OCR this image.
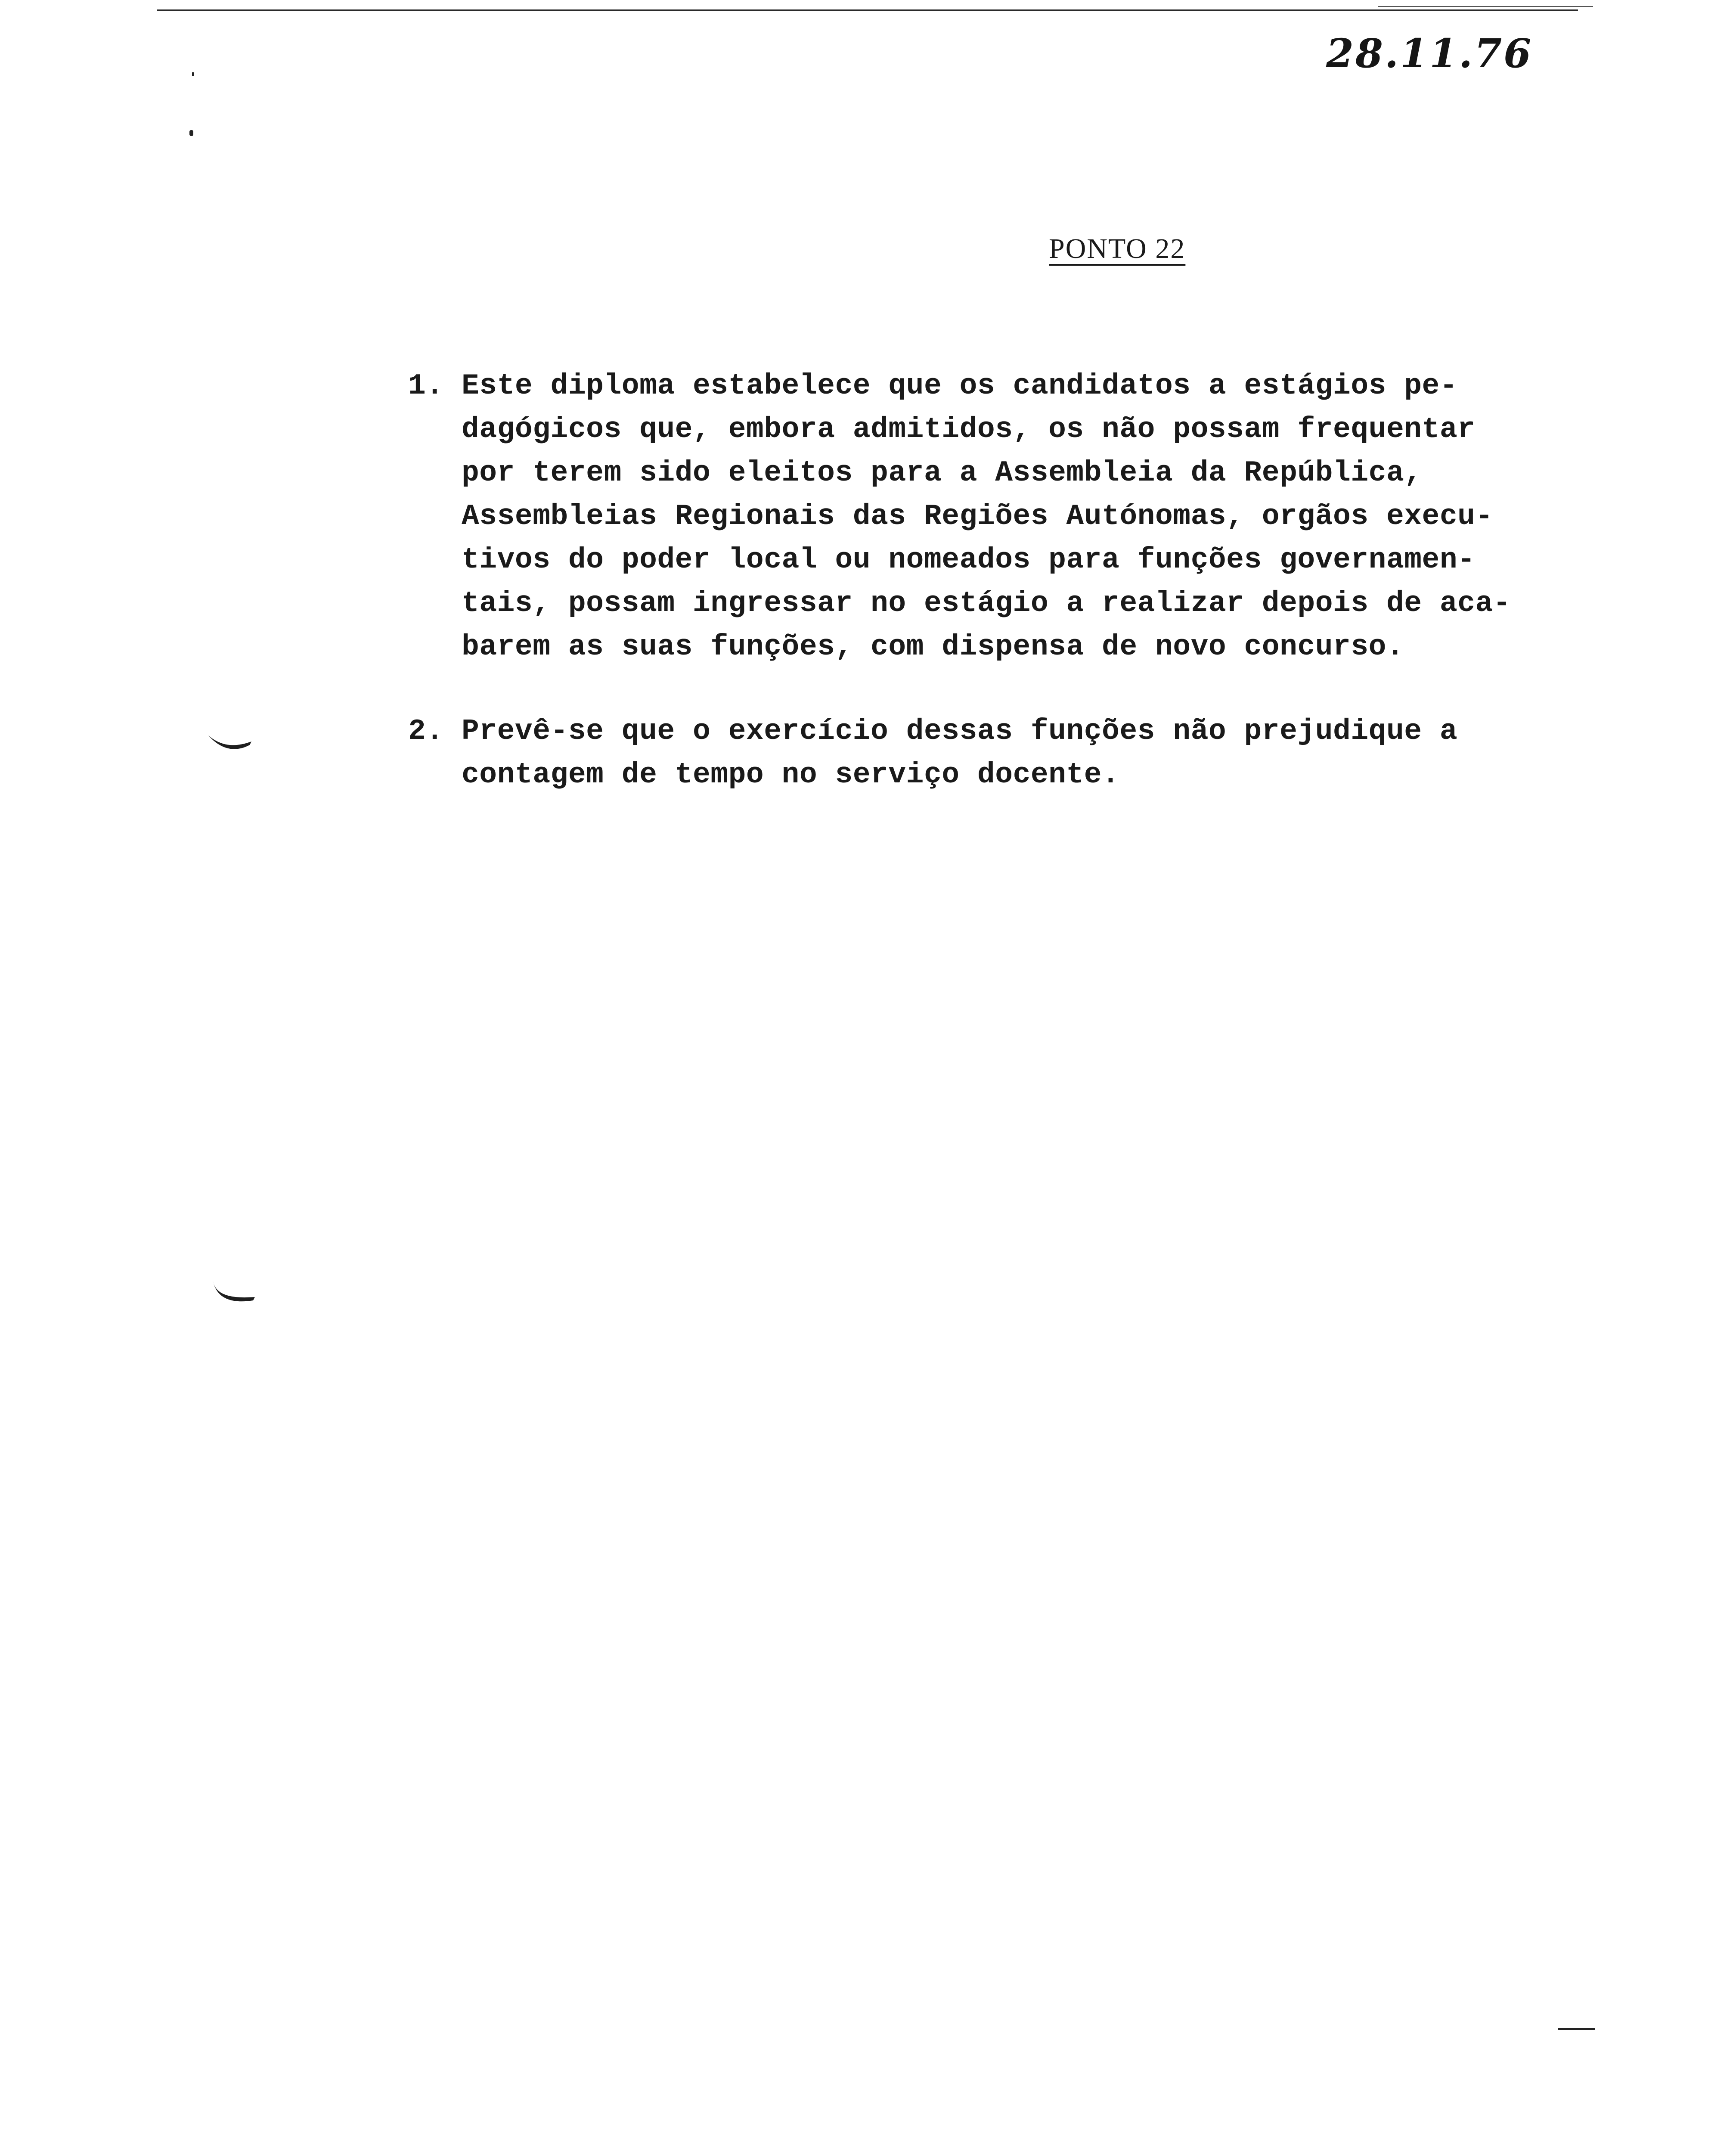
28.11.76
PONTO 22
1. Este diploma estabelece que os candidatos a estágios pe-
dagógicos que, embora admitidos, os não possam frequentar
por terem sido eleitos para a Assembleia da República,
Assembleias Regionais das Regiões Autónomas, orgãos execu-
tivos do poder local ou nomeados para funções governamen-
tais, possam ingressar no estágio a realizar depois de aca-
barem as suas funções, com dispensa de novo concurso.
2. Prevê-se que o exercício dessas funções não prejudique a
contagem de tempo no serviço docente.
